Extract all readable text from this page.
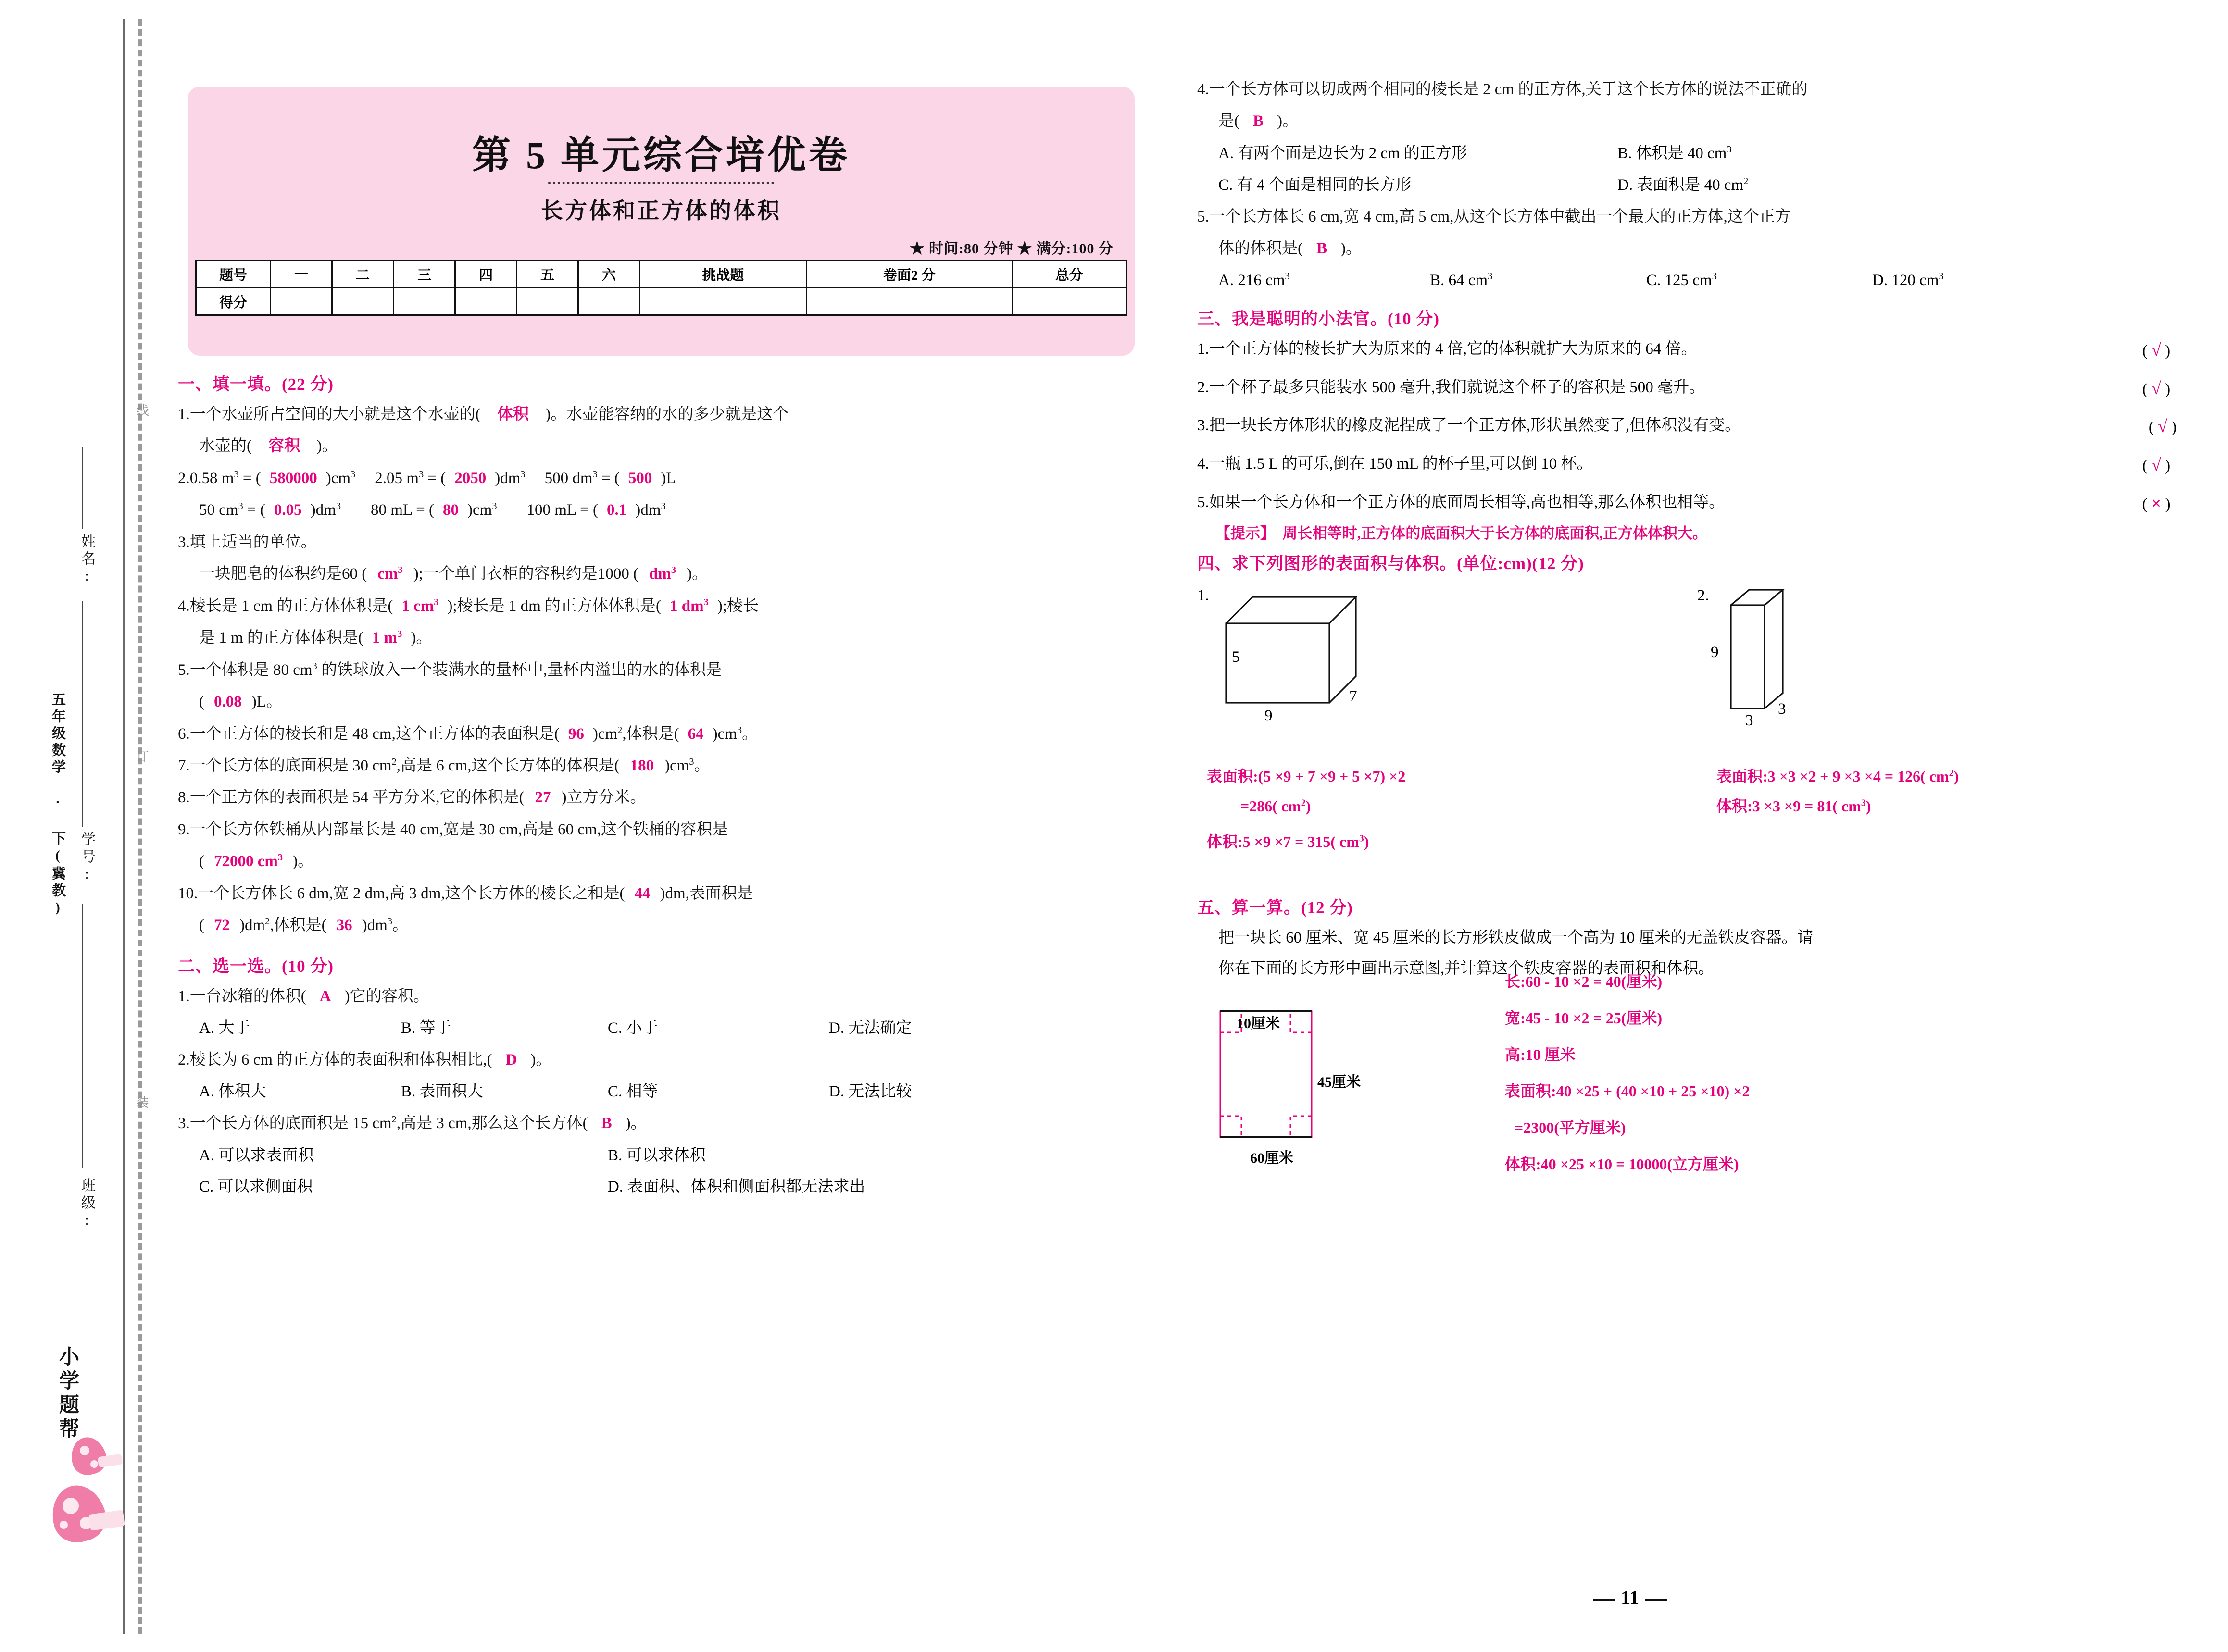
姓名:
学号:
班级:
五年级数学 · 下(冀教)
线
订
装
小学题帮
第 5 单元综合培优卷
长方体和正方体的体积
★ 时间:80 分钟 ★ 满分:100 分
题号	一	二	三	四	五	六	挑战题	卷面2 分	总分
得分									
一、填一填。(22 分)
1.一个水壶所占空间的大小就是这个水壶的( 体积 )。水壶能容纳的水的多少就是这个
水壶的( 容积 )。
2.0.58 $m^3$ = ( 580000 )$cm^3$ 2.05 $m^3$ = ( 2050 )$dm^3$ 500 $dm^3$ = ( 500 )L
50 $cm^3$ = ( 0.05 )$dm^3$ 80 mL = ( 80 )$cm^3$ 100 mL = ( 0.1 )$dm^3$
3.填上适当的单位。
一块肥皂的体积约是60 ( $cm^3$ );一个单门衣柜的容积约是1000 ( $dm^3$ )。
4.棱长是 1 cm 的正方体体积是( 1 $cm^3$ );棱长是 1 dm 的正方体体积是( 1 $dm^3$ );棱长
是 1 m 的正方体体积是( 1 $m^3$ )。
5.一个体积是 80 $cm^3$ 的铁球放入一个装满水的量杯中,量杯内溢出的水的体积是
( 0.08 )L。
6.一个正方体的棱长和是 48 cm,这个正方体的表面积是( 96 )$cm^2$,体积是( 64 )$cm^3$。
7.一个长方体的底面积是 30 $cm^2$,高是 6 cm,这个长方体的体积是( 180 )$cm^3$。
8.一个正方体的表面积是 54 平方分米,它的体积是( 27 )立方分米。
9.一个长方体铁桶从内部量长是 40 cm,宽是 30 cm,高是 60 cm,这个铁桶的容积是
( 72000 $cm^3$ )。
10.一个长方体长 6 dm,宽 2 dm,高 3 dm,这个长方体的棱长之和是( 44 )dm,表面积是
( 72 )$dm^2$,体积是( 36 )$dm^3$。
二、选一选。(10 分)
1.一台冰箱的体积( A )它的容积。
A. 大于	B. 等于	C. 小于	D. 无法确定
2.棱长为 6 cm 的正方体的表面积和体积相比,( D )。
A. 体积大	B. 表面积大	C. 相等	D. 无法比较
3.一个长方体的底面积是 15 $cm^2$,高是 3 cm,那么这个长方体( B )。
A. 可以求表面积	B. 可以求体积
C. 可以求侧面积	D. 表面积、体积和侧面积都无法求出
4.一个长方体可以切成两个相同的棱长是 2 cm 的正方体,关于这个长方体的说法不正确的
是( B )。
A. 有两个面是边长为 2 cm 的正方形	B. 体积是 40 $cm^3$
C. 有 4 个面是相同的长方形	D. 表面积是 40 $cm^2$
5.一个长方体长 6 cm,宽 4 cm,高 5 cm,从这个长方体中截出一个最大的正方体,这个正方
体的体积是( B )。
A. 216 $cm^3$	B. 64 $cm^3$	C. 125 $cm^3$	D. 120 $cm^3$
三、我是聪明的小法官。(10 分)
1.一个正方体的棱长扩大为原来的 4 倍,它的体积就扩大为原来的 64 倍。	( √ )
2.一个杯子最多只能装水 500 毫升,我们就说这个杯子的容积是 500 毫升。	( √ )
3.把一块长方体形状的橡皮泥捏成了一个正方体,形状虽然变了,但体积没有变。	( √ )
4.一瓶 1.5 L 的可乐,倒在 150 mL 的杯子里,可以倒 10 杯。	( √ )
5.如果一个长方体和一个正方体的底面周长相等,高也相等,那么体积也相等。	( × )
【提示】 周长相等时,正方体的底面积大于长方体的底面积,正方体体积大。
四、求下列图形的表面积与体积。(单位:cm)(12 分)
1.
5
9
7
2.
9
3
3
表面积:(5 ×9 + 7 ×9 + 5 ×7) ×2
=286( $cm^2$)
体积:5 ×9 ×7 = 315( $cm^3$)
表面积:3 ×3 ×2 + 9 ×3 ×4 = 126( $cm^2$)
体积:3 ×3 ×9 = 81( $cm^3$)
五、算一算。(12 分)
把一块长 60 厘米、宽 45 厘米的长方形铁皮做成一个高为 10 厘米的无盖铁皮容器。请
你在下面的长方形中画出示意图,并计算这个铁皮容器的表面积和体积。
10厘米
45厘米
60厘米
长:60 - 10 ×2 = 40(厘米)
宽:45 - 10 ×2 = 25(厘米)
高:10 厘米
表面积:40 ×25 + (40 ×10 + 25 ×10) ×2
=2300(平方厘米)
体积:40 ×25 ×10 = 10000(立方厘米)
11
